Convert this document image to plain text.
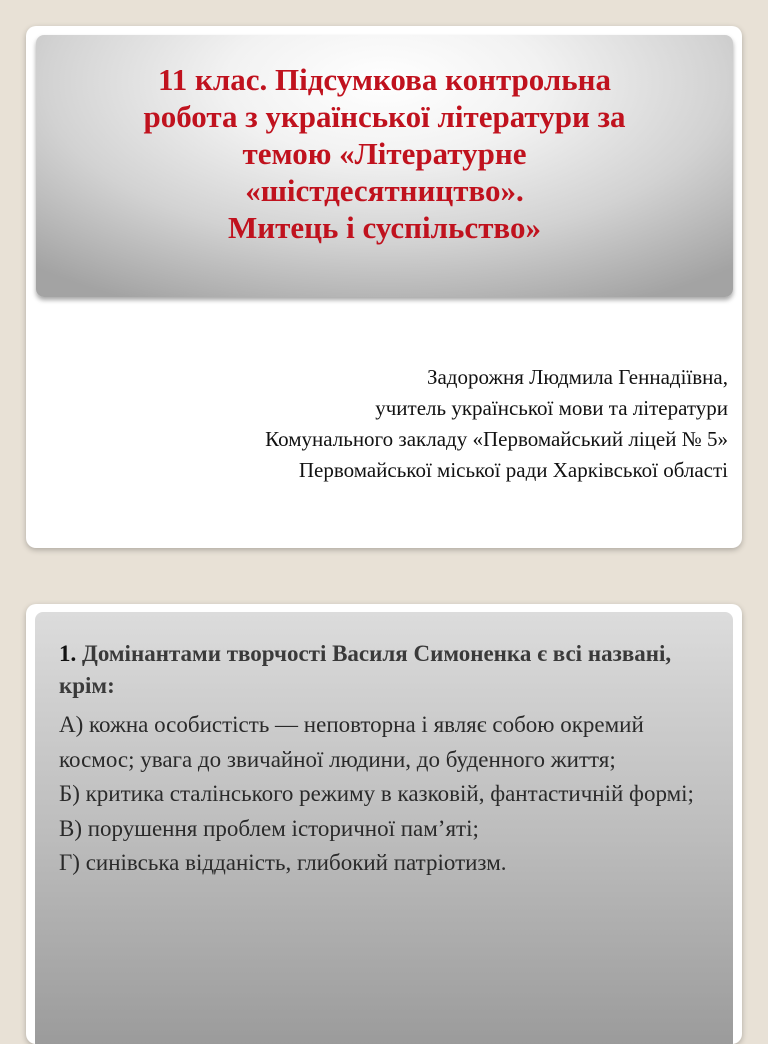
11 клас. Підсумкова контрольна
робота з української літератури за
темою «Літературне
«шістдесятництво».
Митець і суспільство»
Задорожня Людмила Геннадіївна,
учитель української мови та літератури
Комунального закладу «Первомайський ліцей № 5»
Первомайської міської ради Харківської області
1. Домінантами творчості Василя Симоненка є всі названі, крім:
А) кожна особистість — неповторна і являє собою окремий космос; увага до звичайної людини, до буденного життя;
Б) критика сталінського режиму в казковій, фантастичній формі;
В) порушення проблем історичної пам’яті;
Г) синівська відданість, глибокий патріотизм.
